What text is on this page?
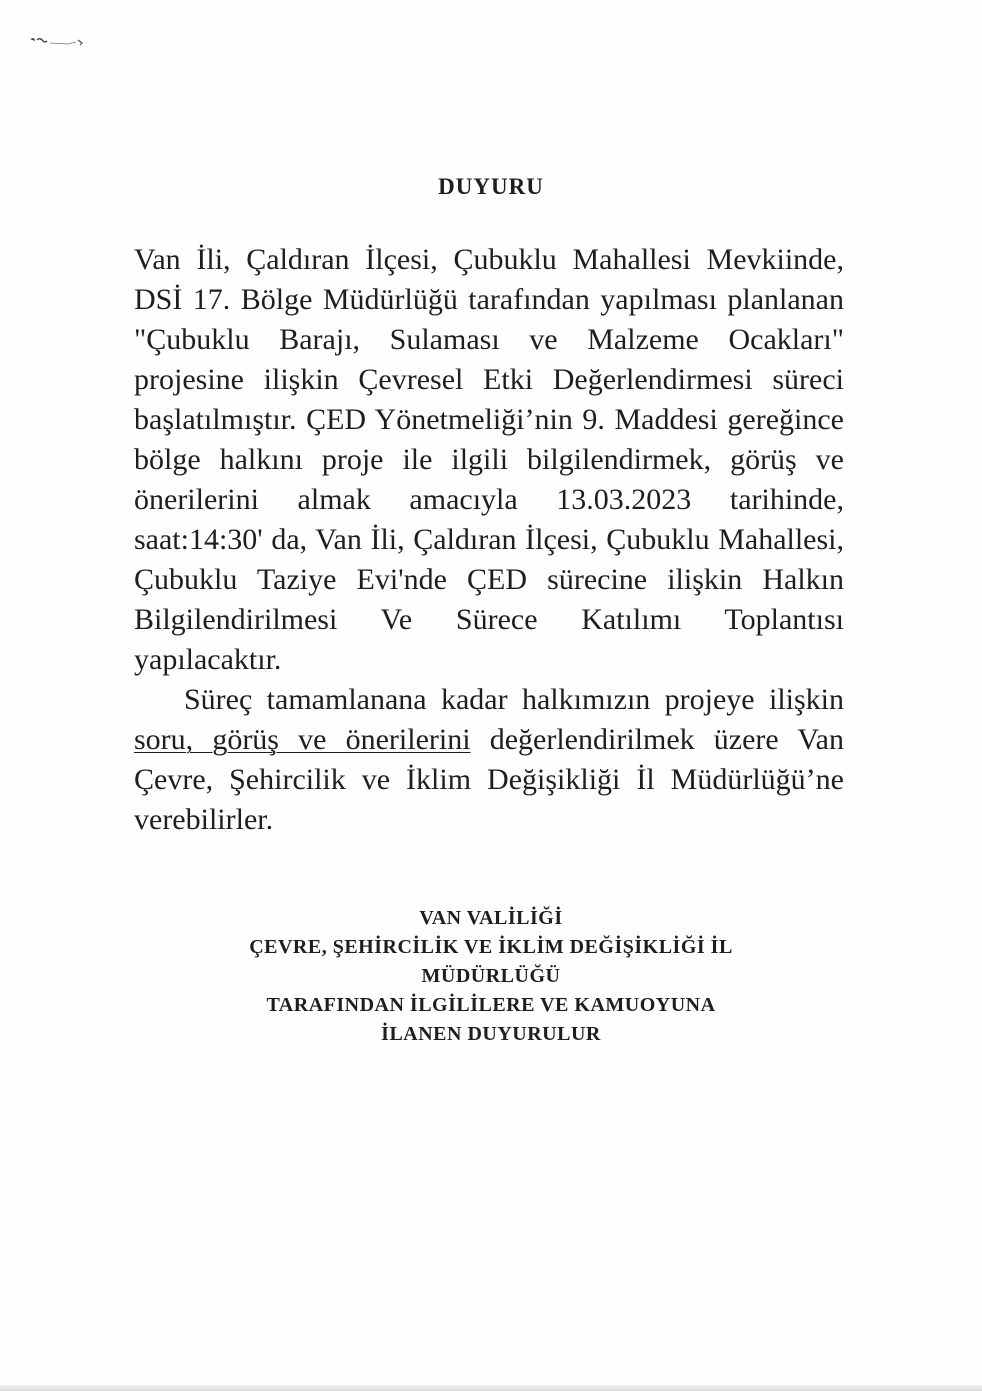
DUYURU

Van İli, Çaldıran İlçesi, Çubuklu Mahallesi Mevkiinde, DSİ 17. Bölge Müdürlüğü tarafından yapılması planlanan "Çubuklu Barajı, Sulaması ve Malzeme Ocakları" projesine ilişkin Çevresel Etki Değerlendirmesi süreci başlatılmıştır. ÇED Yönetmeliği’nin 9. Maddesi gereğince bölge halkını proje ile ilgili bilgilendirmek, görüş ve önerilerini almak amacıyla 13.03.2023 tarihinde, saat:14:30' da, Van İli, Çaldıran İlçesi, Çubuklu Mahallesi, Çubuklu Taziye Evi'nde ÇED sürecine ilişkin Halkın Bilgilendirilmesi Ve Sürece Katılımı Toplantısı yapılacaktır.

Süreç tamamlanana kadar halkımızın projeye ilişkin soru, görüş ve önerilerini değerlendirilmek üzere Van Çevre, Şehircilik ve İklim Değişikliği İl Müdürlüğü’ne verebilirler.

VAN VALİLİĞİ
ÇEVRE, ŞEHİRCİLİK VE İKLİM DEĞİŞİKLİĞİ İL
MÜDÜRLÜĞÜ
TARAFINDAN İLGİLİLERE VE KAMUOYUNA
İLANEN DUYURULUR
